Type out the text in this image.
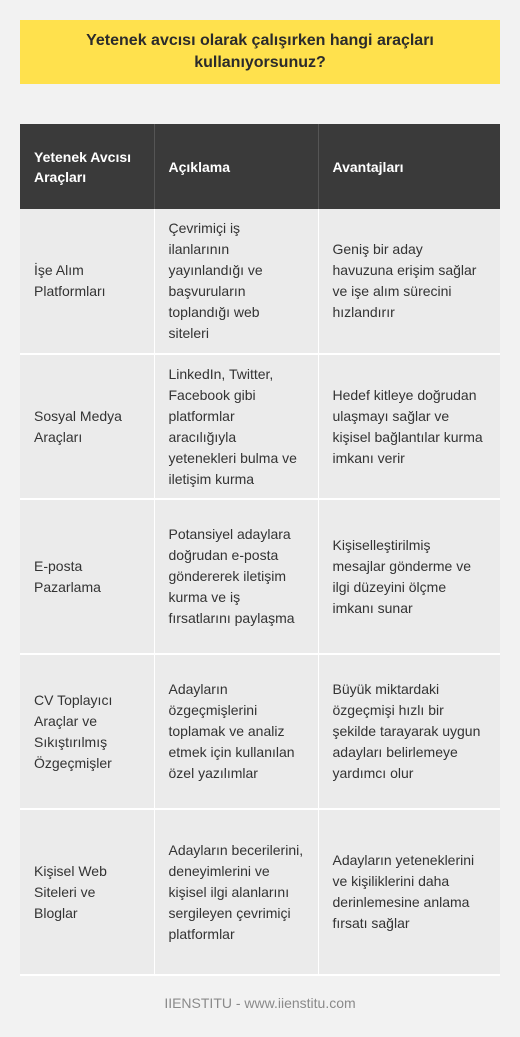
Yetenek avcısı olarak çalışırken hangi araçları kullanıyorsunuz?
Yetenek Avcısı Araçları	Açıklama	Avantajları
İşe Alım Platformları	Çevrimiçi iş ilanlarının yayınlandığı ve başvuruların toplandığı web siteleri	Geniş bir aday havuzuna erişim sağlar ve işe alım sürecini hızlandırır
Sosyal Medya Araçları	LinkedIn, Twitter, Facebook gibi platformlar aracılığıyla yetenekleri bulma ve iletişim kurma	Hedef kitleye doğrudan ulaşmayı sağlar ve kişisel bağlantılar kurma imkanı verir
E-posta Pazarlama	Potansiyel adaylara doğrudan e-posta göndererek iletişim kurma ve iş fırsatlarını paylaşma	Kişiselleştirilmiş mesajlar gönderme ve ilgi düzeyini ölçme imkanı sunar
CV Toplayıcı Araçlar ve Sıkıştırılmış Özgeçmişler	Adayların özgeçmişlerini toplamak ve analiz etmek için kullanılan özel yazılımlar	Büyük miktardaki özgeçmişi hızlı bir şekilde tarayarak uygun adayları belirlemeye yardımcı olur
Kişisel Web Siteleri ve Bloglar	Adayların becerilerini, deneyimlerini ve kişisel ilgi alanlarını sergileyen çevrimiçi platformlar	Adayların yeteneklerini ve kişiliklerini daha derinlemesine anlama fırsatı sağlar
IIENSTITU - www.iienstitu.com
